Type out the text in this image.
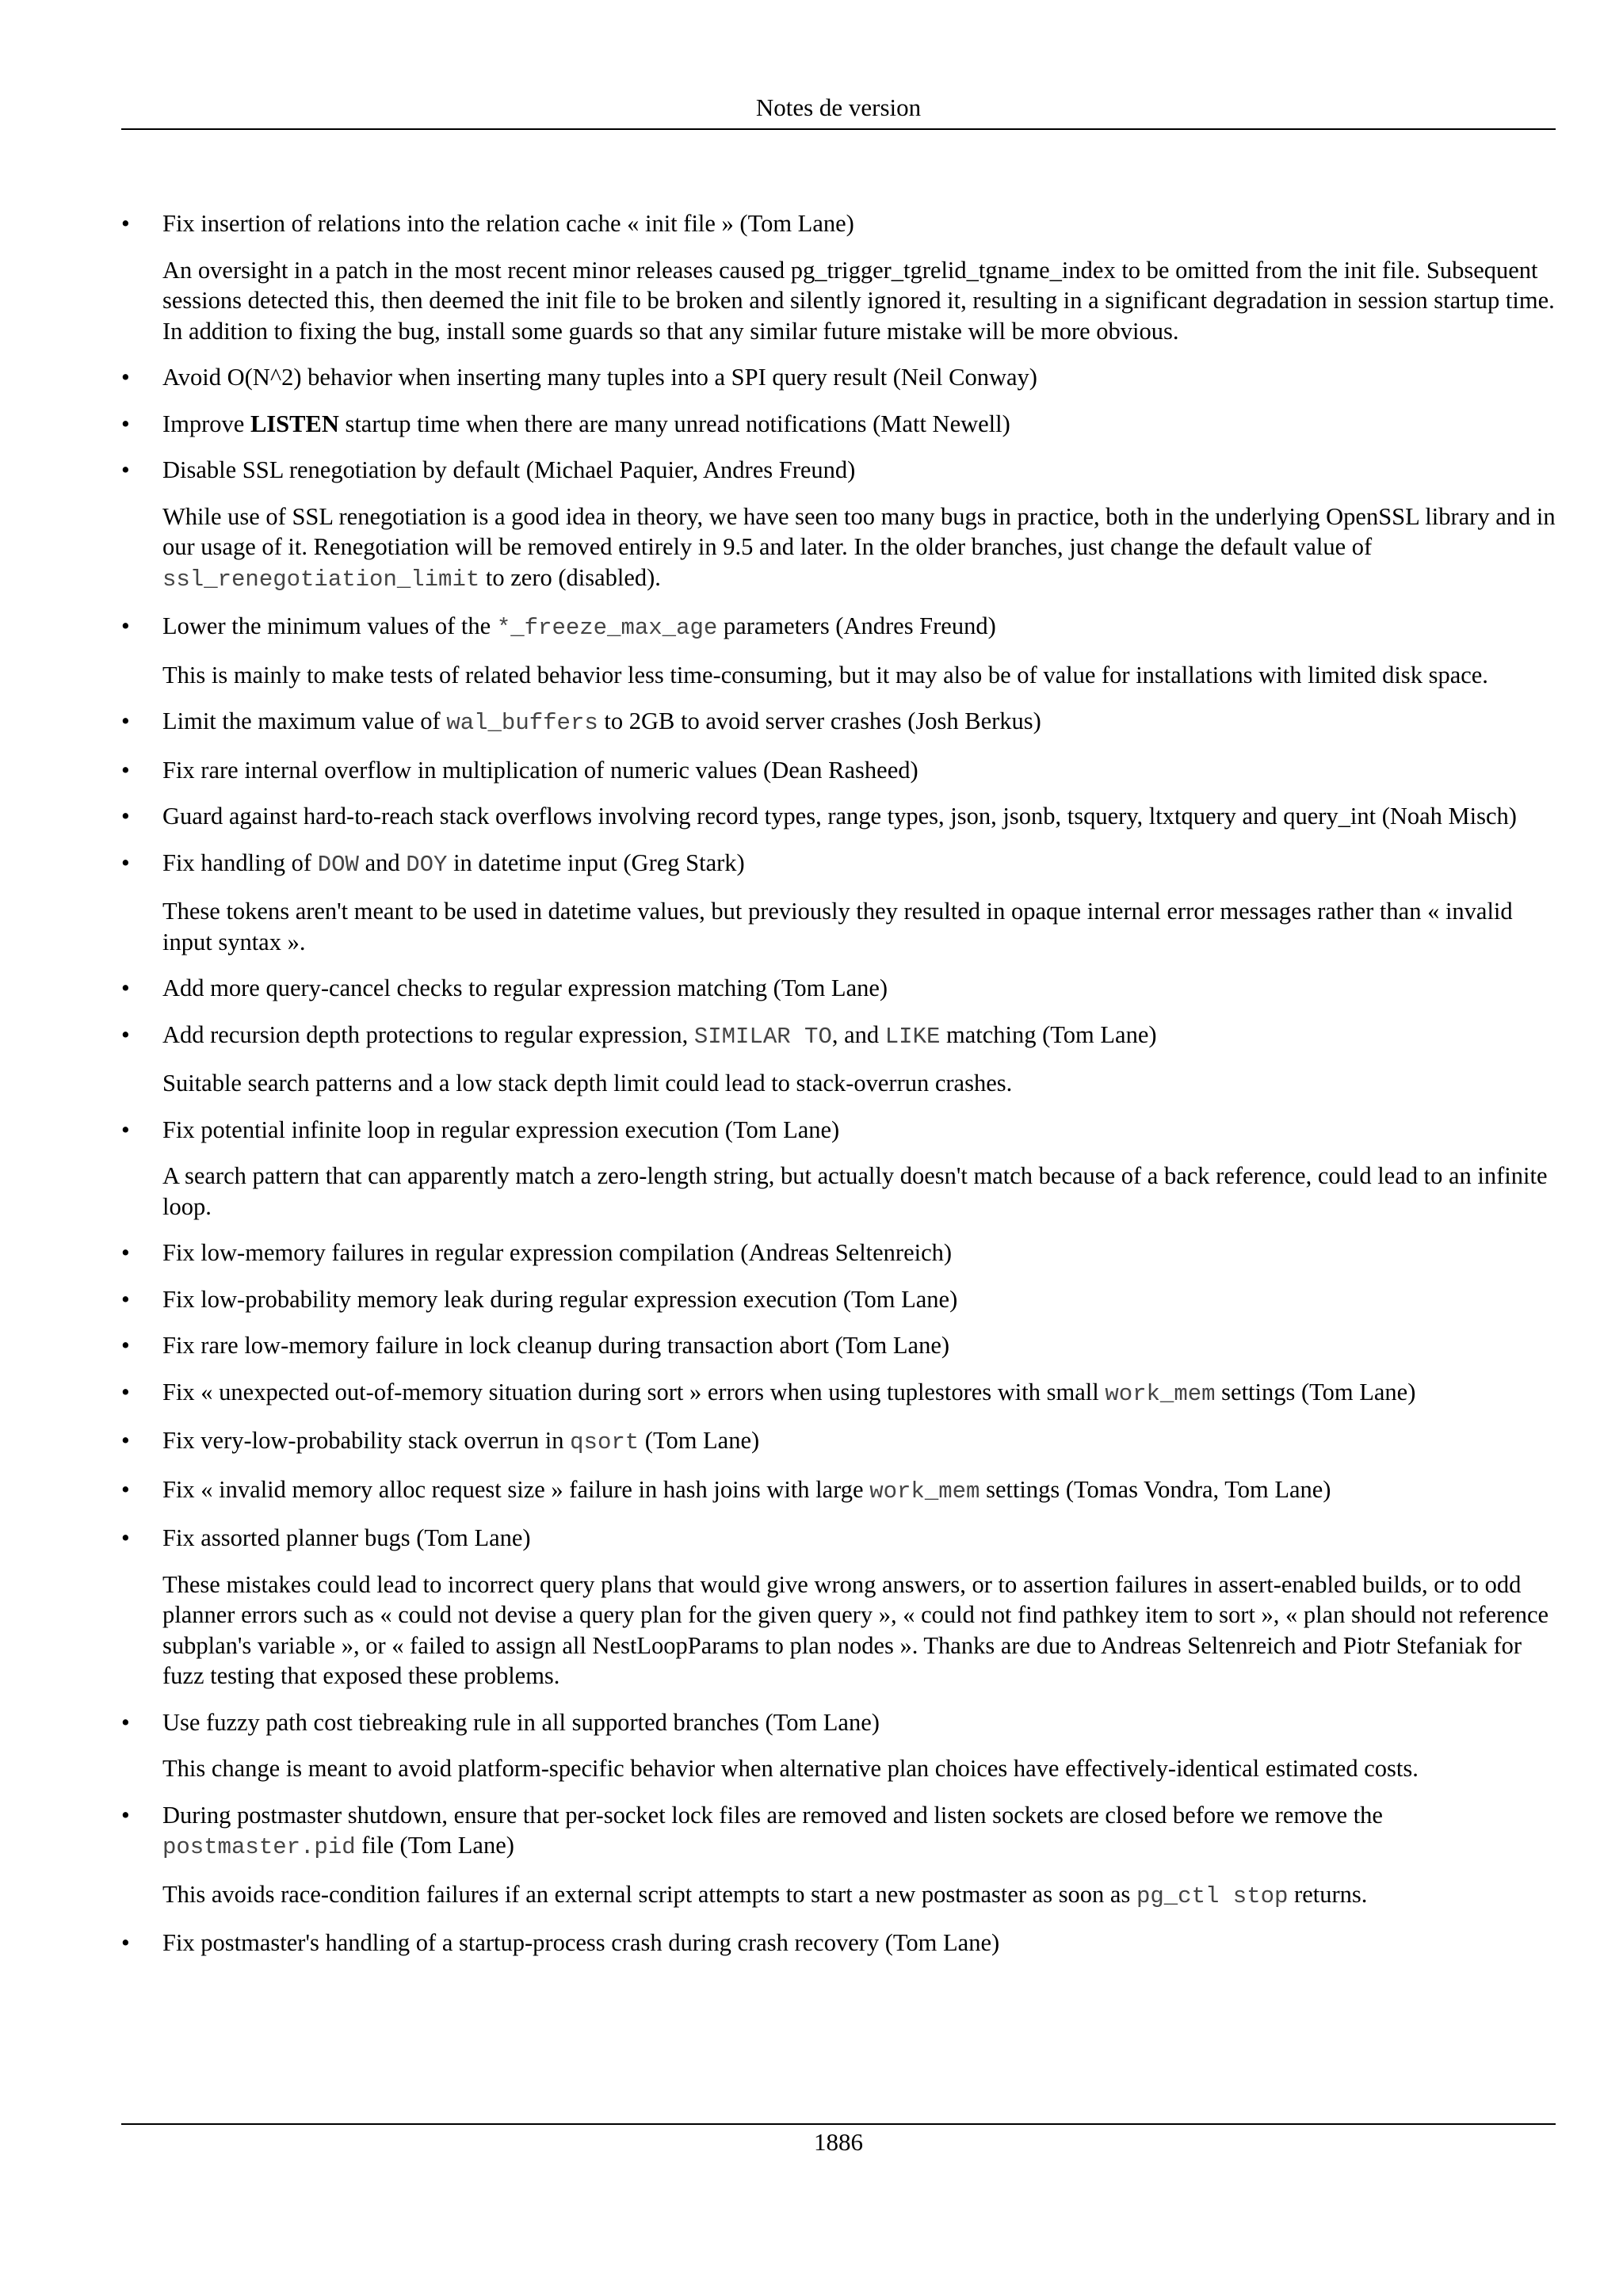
Notes de version
• Fix insertion of relations into the relation cache « init file » (Tom Lane)
An oversight in a patch in the most recent minor releases caused pg_trigger_tgrelid_tgname_index to be omitted from the init file. Subsequent sessions detected this, then deemed the init file to be broken and silently ignored it, resulting in a significant degradation in session startup time. In addition to fixing the bug, install some guards so that any similar future mistake will be more obvious.
• Avoid O(N^2) behavior when inserting many tuples into a SPI query result (Neil Conway)
• Improve LISTEN startup time when there are many unread notifications (Matt Newell)
• Disable SSL renegotiation by default (Michael Paquier, Andres Freund)
While use of SSL renegotiation is a good idea in theory, we have seen too many bugs in practice, both in the underlying OpenSSL library and in our usage of it. Renegotiation will be removed entirely in 9.5 and later. In the older branches, just change the default value of ssl_renegotiation_limit to zero (disabled).
• Lower the minimum values of the *_freeze_max_age parameters (Andres Freund)
This is mainly to make tests of related behavior less time-consuming, but it may also be of value for installations with limited disk space.
• Limit the maximum value of wal_buffers to 2GB to avoid server crashes (Josh Berkus)
• Fix rare internal overflow in multiplication of numeric values (Dean Rasheed)
• Guard against hard-to-reach stack overflows involving record types, range types, json, jsonb, tsquery, ltxtquery and query_int (Noah Misch)
• Fix handling of DOW and DOY in datetime input (Greg Stark)
These tokens aren't meant to be used in datetime values, but previously they resulted in opaque internal error messages rather than « invalid input syntax ».
• Add more query-cancel checks to regular expression matching (Tom Lane)
• Add recursion depth protections to regular expression, SIMILAR TO, and LIKE matching (Tom Lane)
Suitable search patterns and a low stack depth limit could lead to stack-overrun crashes.
• Fix potential infinite loop in regular expression execution (Tom Lane)
A search pattern that can apparently match a zero-length string, but actually doesn't match because of a back reference, could lead to an infinite loop.
• Fix low-memory failures in regular expression compilation (Andreas Seltenreich)
• Fix low-probability memory leak during regular expression execution (Tom Lane)
• Fix rare low-memory failure in lock cleanup during transaction abort (Tom Lane)
• Fix « unexpected out-of-memory situation during sort » errors when using tuplestores with small work_mem settings (Tom Lane)
• Fix very-low-probability stack overrun in qsort (Tom Lane)
• Fix « invalid memory alloc request size » failure in hash joins with large work_mem settings (Tomas Vondra, Tom Lane)
• Fix assorted planner bugs (Tom Lane)
These mistakes could lead to incorrect query plans that would give wrong answers, or to assertion failures in assert-enabled builds, or to odd planner errors such as « could not devise a query plan for the given query », « could not find pathkey item to sort », « plan should not reference subplan's variable », or « failed to assign all NestLoopParams to plan nodes ». Thanks are due to Andreas Seltenreich and Piotr Stefaniak for fuzz testing that exposed these problems.
• Use fuzzy path cost tiebreaking rule in all supported branches (Tom Lane)
This change is meant to avoid platform-specific behavior when alternative plan choices have effectively-identical estimated costs.
• During postmaster shutdown, ensure that per-socket lock files are removed and listen sockets are closed before we remove the postmaster.pid file (Tom Lane)
This avoids race-condition failures if an external script attempts to start a new postmaster as soon as pg_ctl stop returns.
• Fix postmaster's handling of a startup-process crash during crash recovery (Tom Lane)
1886
